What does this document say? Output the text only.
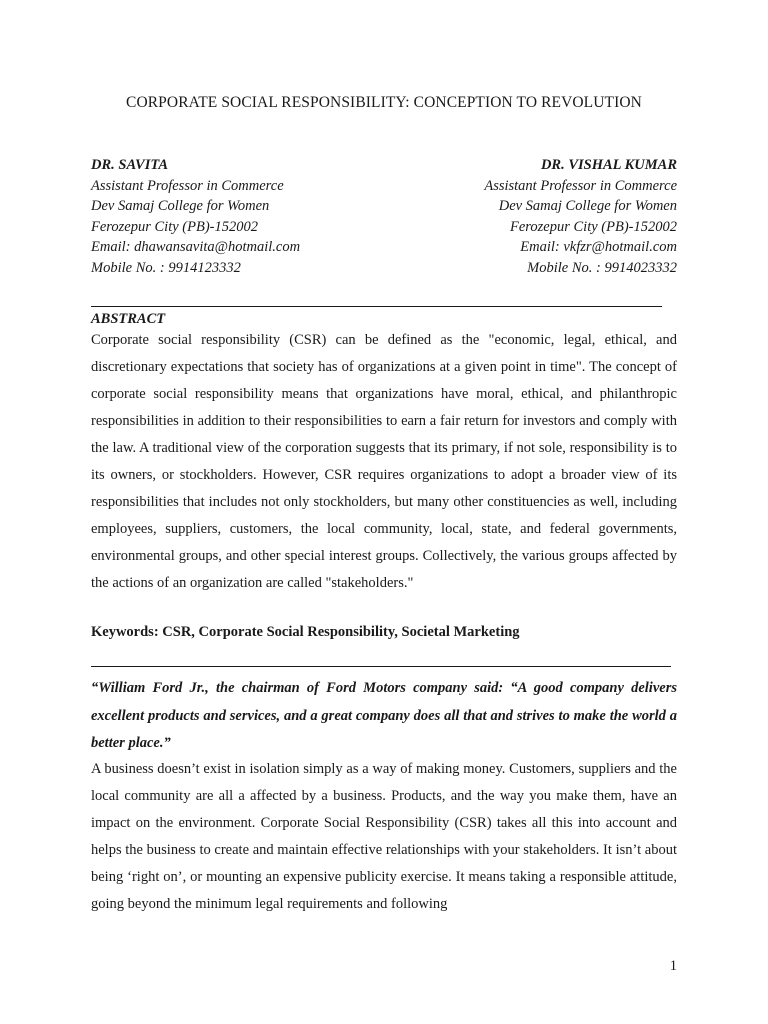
CORPORATE SOCIAL RESPONSIBILITY: CONCEPTION TO REVOLUTION
DR. SAVITA
Assistant Professor in Commerce
Dev Samaj College for Women
Ferozepur City (PB)-152002
Email: dhawansavita@hotmail.com
Mobile No. : 9914123332
DR. VISHAL KUMAR
Assistant Professor in Commerce
Dev Samaj College for Women
Ferozepur City (PB)-152002
Email: vkfzr@hotmail.com
Mobile No. : 9914023332
ABSTRACT

Corporate social responsibility (CSR) can be defined as the "economic, legal, ethical, and discretionary expectations that society has of organizations at a given point in time". The concept of corporate social responsibility means that organizations have moral, ethical, and philanthropic responsibilities in addition to their responsibilities to earn a fair return for investors and comply with the law. A traditional view of the corporation suggests that its primary, if not sole, responsibility is to its owners, or stockholders. However, CSR requires organizations to adopt a broader view of its responsibilities that includes not only stockholders, but many other constituencies as well, including employees, suppliers, customers, the local community, local, state, and federal governments, environmental groups, and other special interest groups. Collectively, the various groups affected by the actions of an organization are called "stakeholders."

Keywords: CSR, Corporate Social Responsibility, Societal Marketing

“William Ford Jr., the chairman of Ford Motors company said: “A good company delivers excellent products and services, and a great company does all that and strives to make the world a better place.”

A business doesn’t exist in isolation simply as a way of making money. Customers, suppliers and the local community are all a affected by a business. Products, and the way you make them, have an impact on the environment. Corporate Social Responsibility (CSR) takes all this into account and helps the business to create and maintain effective relationships with your stakeholders. It isn’t about being ‘right on’, or mounting an expensive publicity exercise. It means taking a responsible attitude, going beyond the minimum legal requirements and following

1
